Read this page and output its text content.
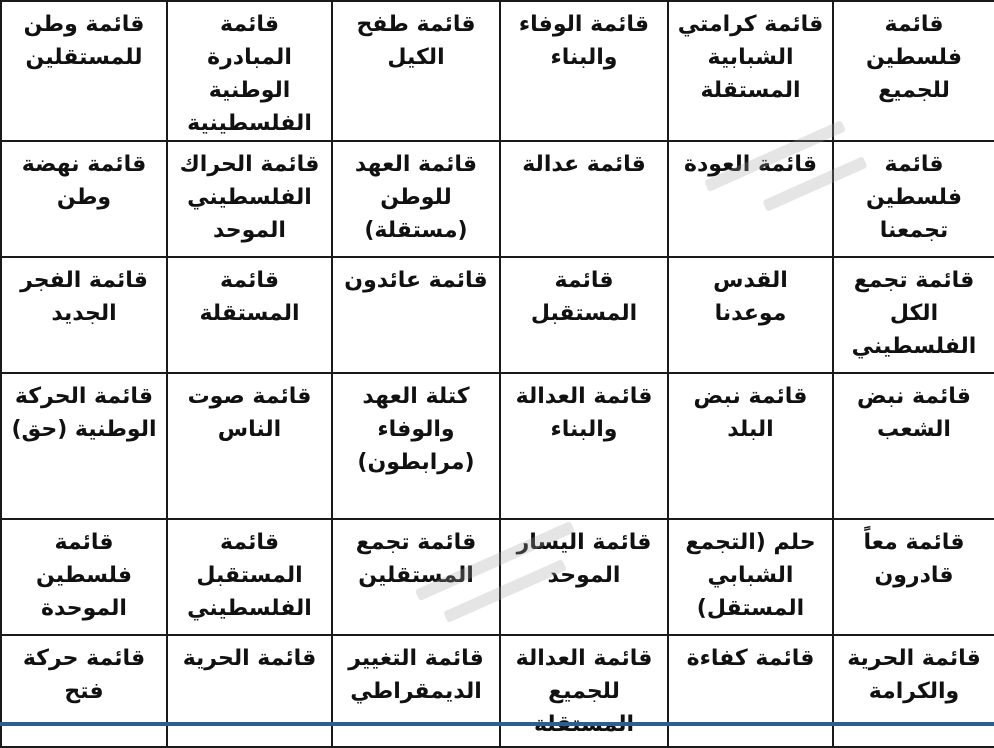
قائمة فلسطين للجميع	قائمة كرامتي الشبابية المستقلة	قائمة الوفاء والبناء	قائمة طفح الكيل	قائمة المبادرة الوطنية الفلسطينية	قائمة وطن للمستقلين

قائمة فلسطين تجمعنا	قائمة العودة	قائمة عدالة	قائمة العهد للوطن (مستقلة)	قائمة الحراك الفلسطيني الموحد	قائمة نهضة وطن

قائمة تجمع الكل الفلسطيني	القدس موعدنا	قائمة المستقبل	قائمة عائدون	قائمة المستقلة	قائمة الفجر الجديد

قائمة نبض الشعب	قائمة نبض البلد	قائمة العدالة والبناء	كتلة العهد والوفاء (مرابطون)	قائمة صوت الناس	قائمة الحركة الوطنية (حق)

قائمة معاً قادرون	حلم (التجمع الشبابي المستقل)	قائمة اليسار الموحد	قائمة تجمع المستقلين	قائمة المستقبل الفلسطيني	قائمة فلسطين الموحدة

قائمة الحرية والكرامة	قائمة كفاءة	قائمة العدالة للجميع	قائمة التغيير الديمقراطي	قائمة الحرية	قائمة حركة فتح
